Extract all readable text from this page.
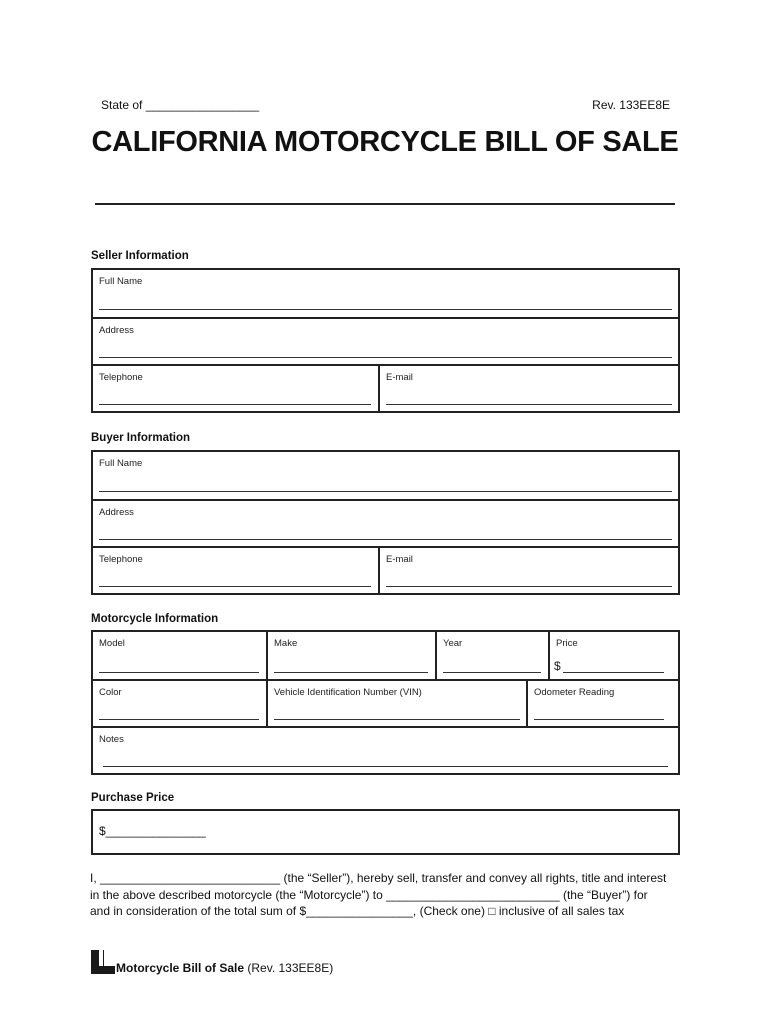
State of _________________	Rev. 133EE8E
CALIFORNIA MOTORCYCLE BILL OF SALE
Seller Information
Full Name
Address
Telephone	E-mail
Buyer Information
Full Name
Address
Telephone	E-mail
Motorcycle Information
Model	Make	Year	Price
$
Color	Vehicle Identification Number (VIN)	Odometer Reading
Notes
Purchase Price
$_______________
I, ___________________________ (the “Seller”), hereby sell, transfer and convey all rights, title and interest
in the above described motorcycle (the “Motorcycle”) to __________________________ (the “Buyer”) for
and in consideration of the total sum of $________________, (Check one) □ inclusive of all sales tax
Motorcycle Bill of Sale (Rev. 133EE8E)
